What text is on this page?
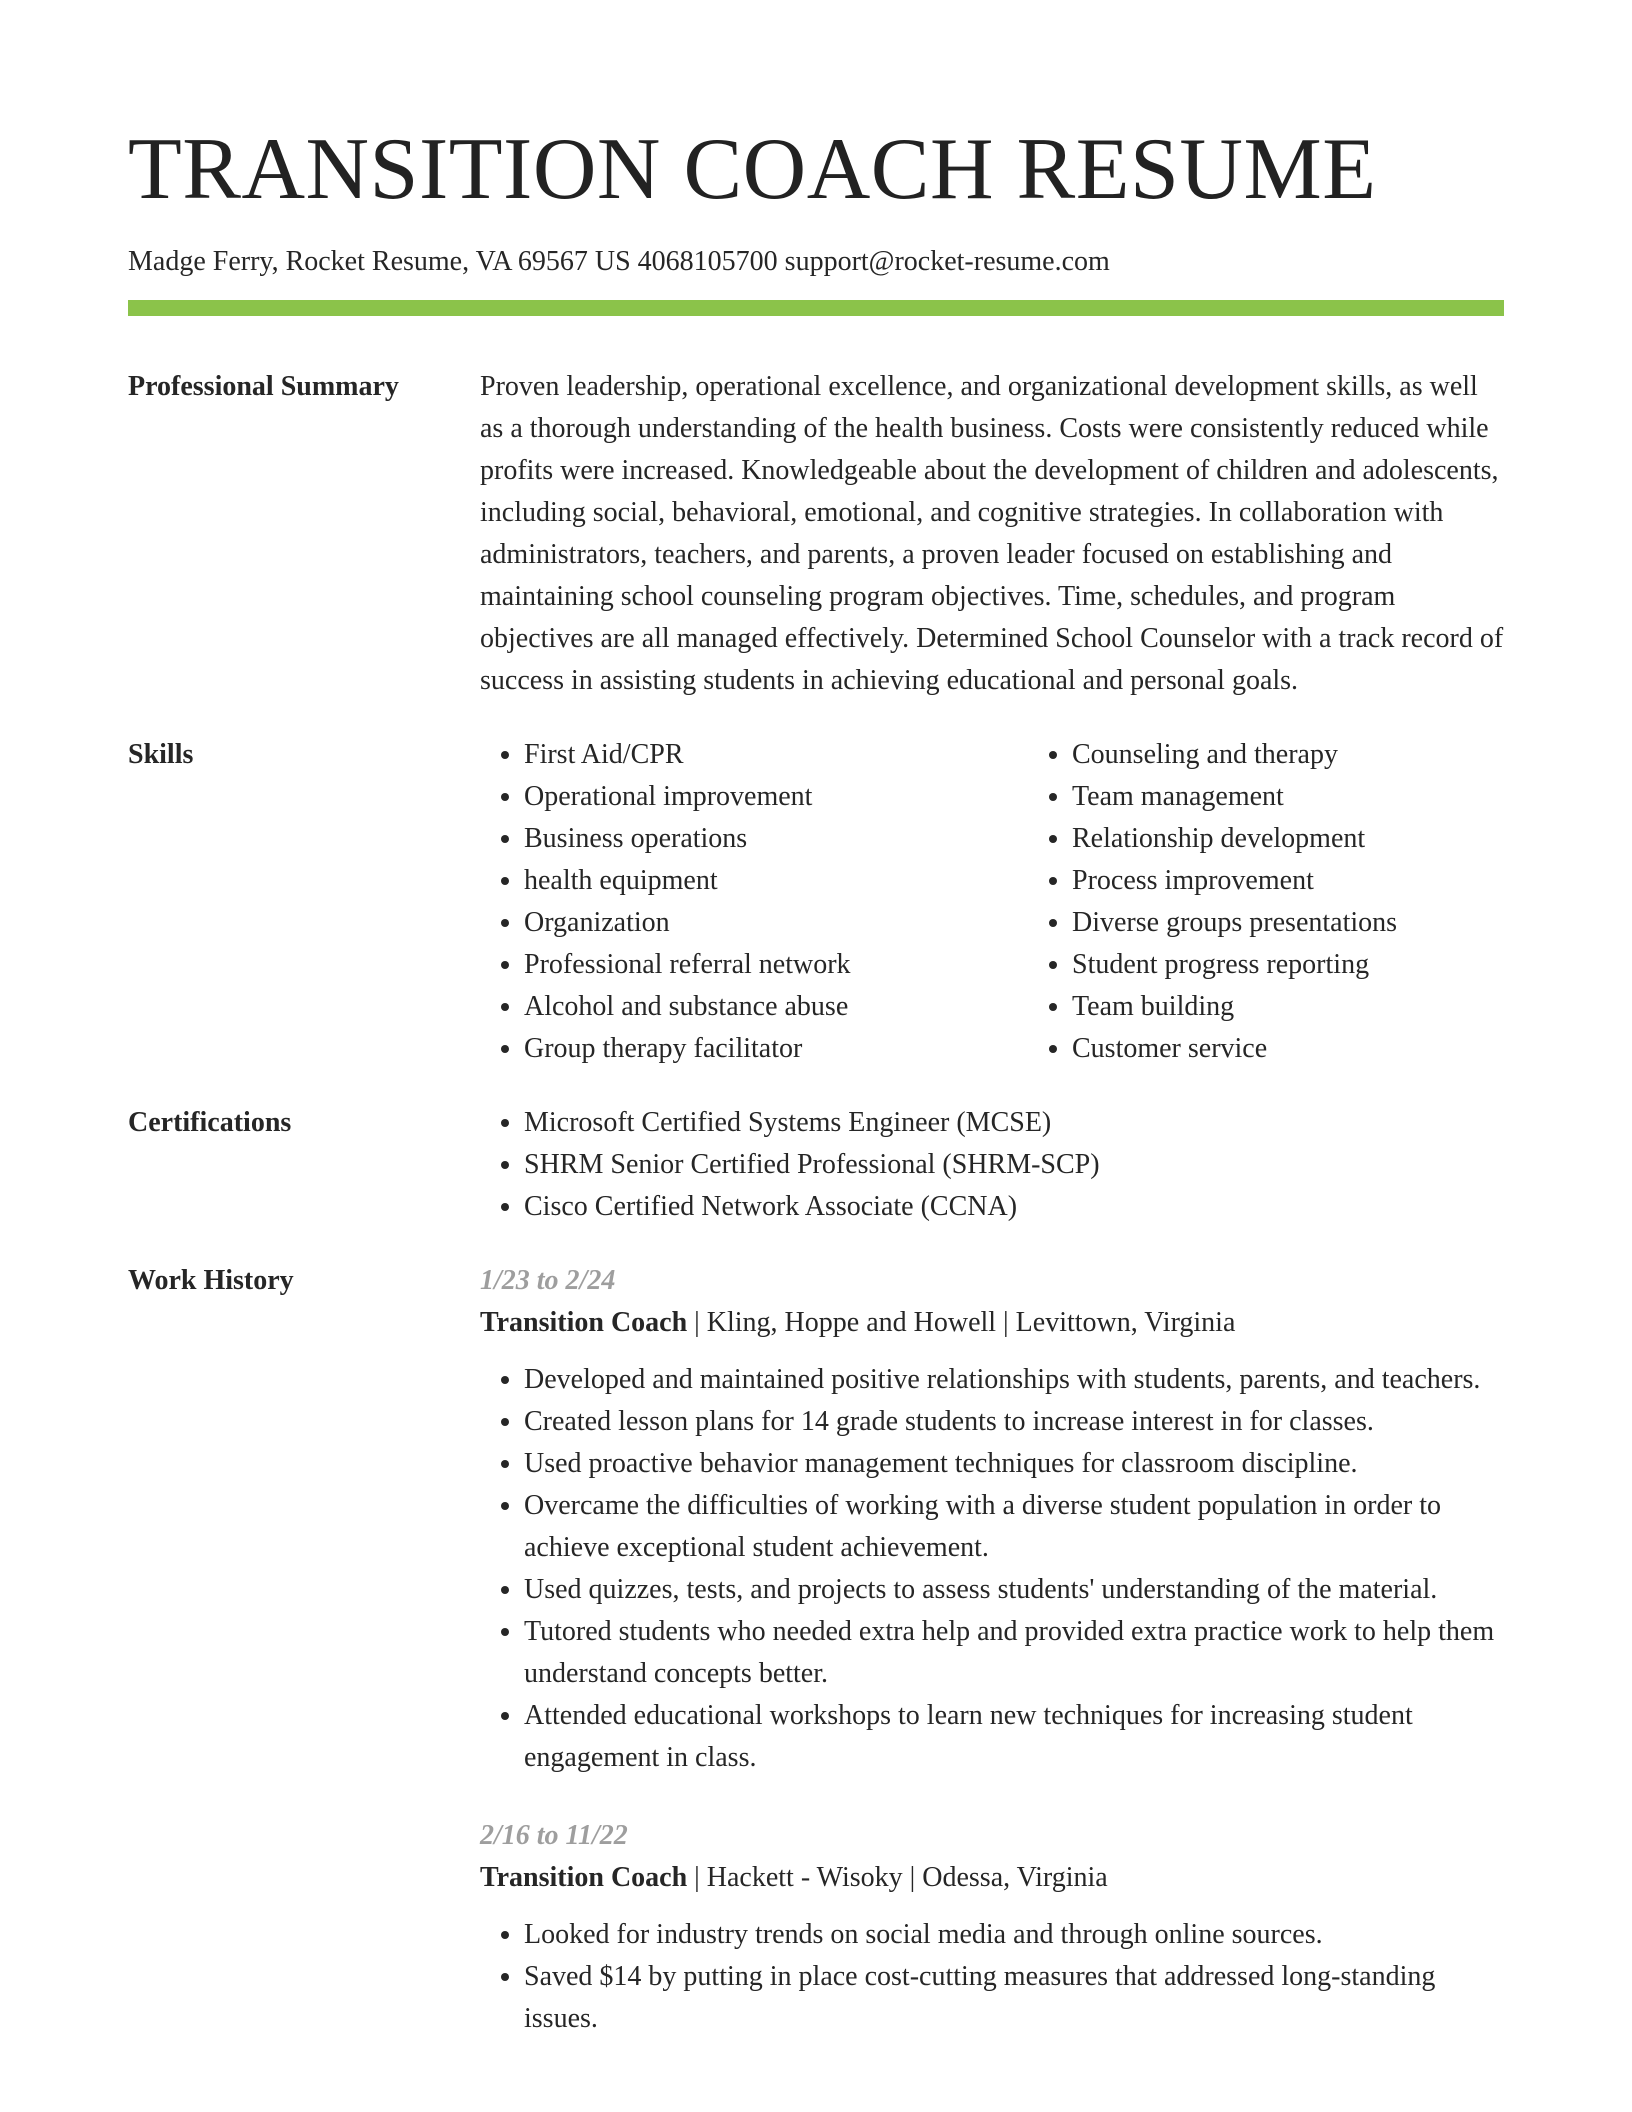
TRANSITION COACH RESUME
Madge Ferry, Rocket Resume, VA 69567 US 4068105700 support@rocket-resume.com
Professional Summary	Proven leadership, operational excellence, and organizational development skills, as well as a thorough understanding of the health business. Costs were consistently reduced while profits were increased. Knowledgeable about the development of children and adolescents, including social, behavioral, emotional, and cognitive strategies. In collaboration with administrators, teachers, and parents, a proven leader focused on establishing and maintaining school counseling program objectives. Time, schedules, and program objectives are all managed effectively. Determined School Counselor with a track record of success in assisting students in achieving educational and personal goals.

Skills	• First Aid/CPR
• Operational improvement
• Business operations
• health equipment
• Organization
• Professional referral network
• Alcohol and substance abuse
• Group therapy facilitator
• Counseling and therapy
• Team management
• Relationship development
• Process improvement
• Diverse groups presentations
• Student progress reporting
• Team building
• Customer service
Certifications	• Microsoft Certified Systems Engineer (MCSE)
• SHRM Senior Certified Professional (SHRM-SCP)
• Cisco Certified Network Associate (CCNA)
Work History	1/23 to 2/24
Transition Coach | Kling, Hoppe and Howell | Levittown, Virginia
• Developed and maintained positive relationships with students, parents, and teachers.
• Created lesson plans for 14 grade students to increase interest in for classes.
• Used proactive behavior management techniques for classroom discipline.
• Overcame the difficulties of working with a diverse student population in order to achieve exceptional student achievement.
• Used quizzes, tests, and projects to assess students' understanding of the material.
• Tutored students who needed extra help and provided extra practice work to help them understand concepts better.
• Attended educational workshops to learn new techniques for increasing student engagement in class.
2/16 to 11/22
Transition Coach | Hackett - Wisoky | Odessa, Virginia
• Looked for industry trends on social media and through online sources.
• Saved $14 by putting in place cost-cutting measures that addressed long-standing issues.
